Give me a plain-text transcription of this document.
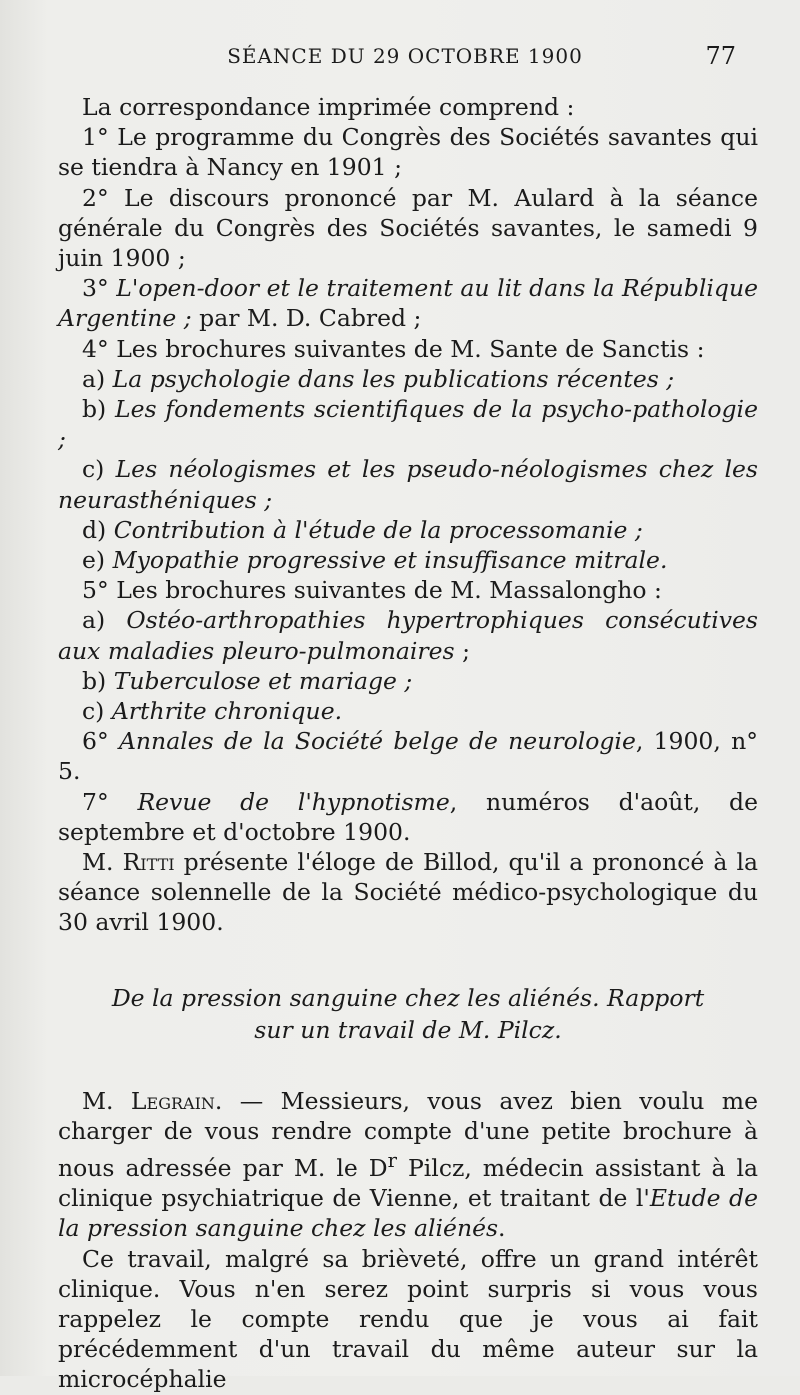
SÉANCE DU 29 OCTOBRE 1900	77

La correspondance imprimée comprend :

1° Le programme du Congrès des Sociétés savantes qui se tiendra à Nancy en 1901 ;

2° Le discours prononcé par M. Aulard à la séance générale du Congrès des Sociétés savantes, le samedi 9 juin 1900 ;

3° L'open-door et le traitement au lit dans la République Argentine ; par M. D. Cabred ;

4° Les brochures suivantes de M. Sante de Sanctis :

a) La psychologie dans les publications récentes ;

b) Les fondements scientifiques de la psycho-pathologie ;

c) Les néologismes et les pseudo-néologismes chez les neurasthéniques ;

d) Contribution à l'étude de la processomanie ;

e) Myopathie progressive et insuffisance mitrale.

5° Les brochures suivantes de M. Massalongho :

a) Ostéo-arthropathies hypertrophiques consécutives aux maladies pleuro-pulmonaires ;

b) Tuberculose et mariage ;

c) Arthrite chronique.

6° Annales de la Société belge de neurologie, 1900, n° 5.

7° Revue de l'hypnotisme, numéros d'août, de septembre et d'octobre 1900.

M. Ritti présente l'éloge de Billod, qu'il a prononcé à la séance solennelle de la Société médico-psychologique du 30 avril 1900.

De la pression sanguine chez les aliénés. Rapport
sur un travail de M. Pilcz.

M. Legrain. — Messieurs, vous avez bien voulu me charger de vous rendre compte d'une petite brochure à nous adressée par M. le $D^r$ Pilcz, médecin assistant à la clinique psychiatrique de Vienne, et traitant de l'Etude de la pression sanguine chez les aliénés.

Ce travail, malgré sa brièveté, offre un grand intérêt clinique. Vous n'en serez point surpris si vous vous rappelez le compte rendu que je vous ai fait précédemment d'un travail du même auteur sur la microcéphalie
